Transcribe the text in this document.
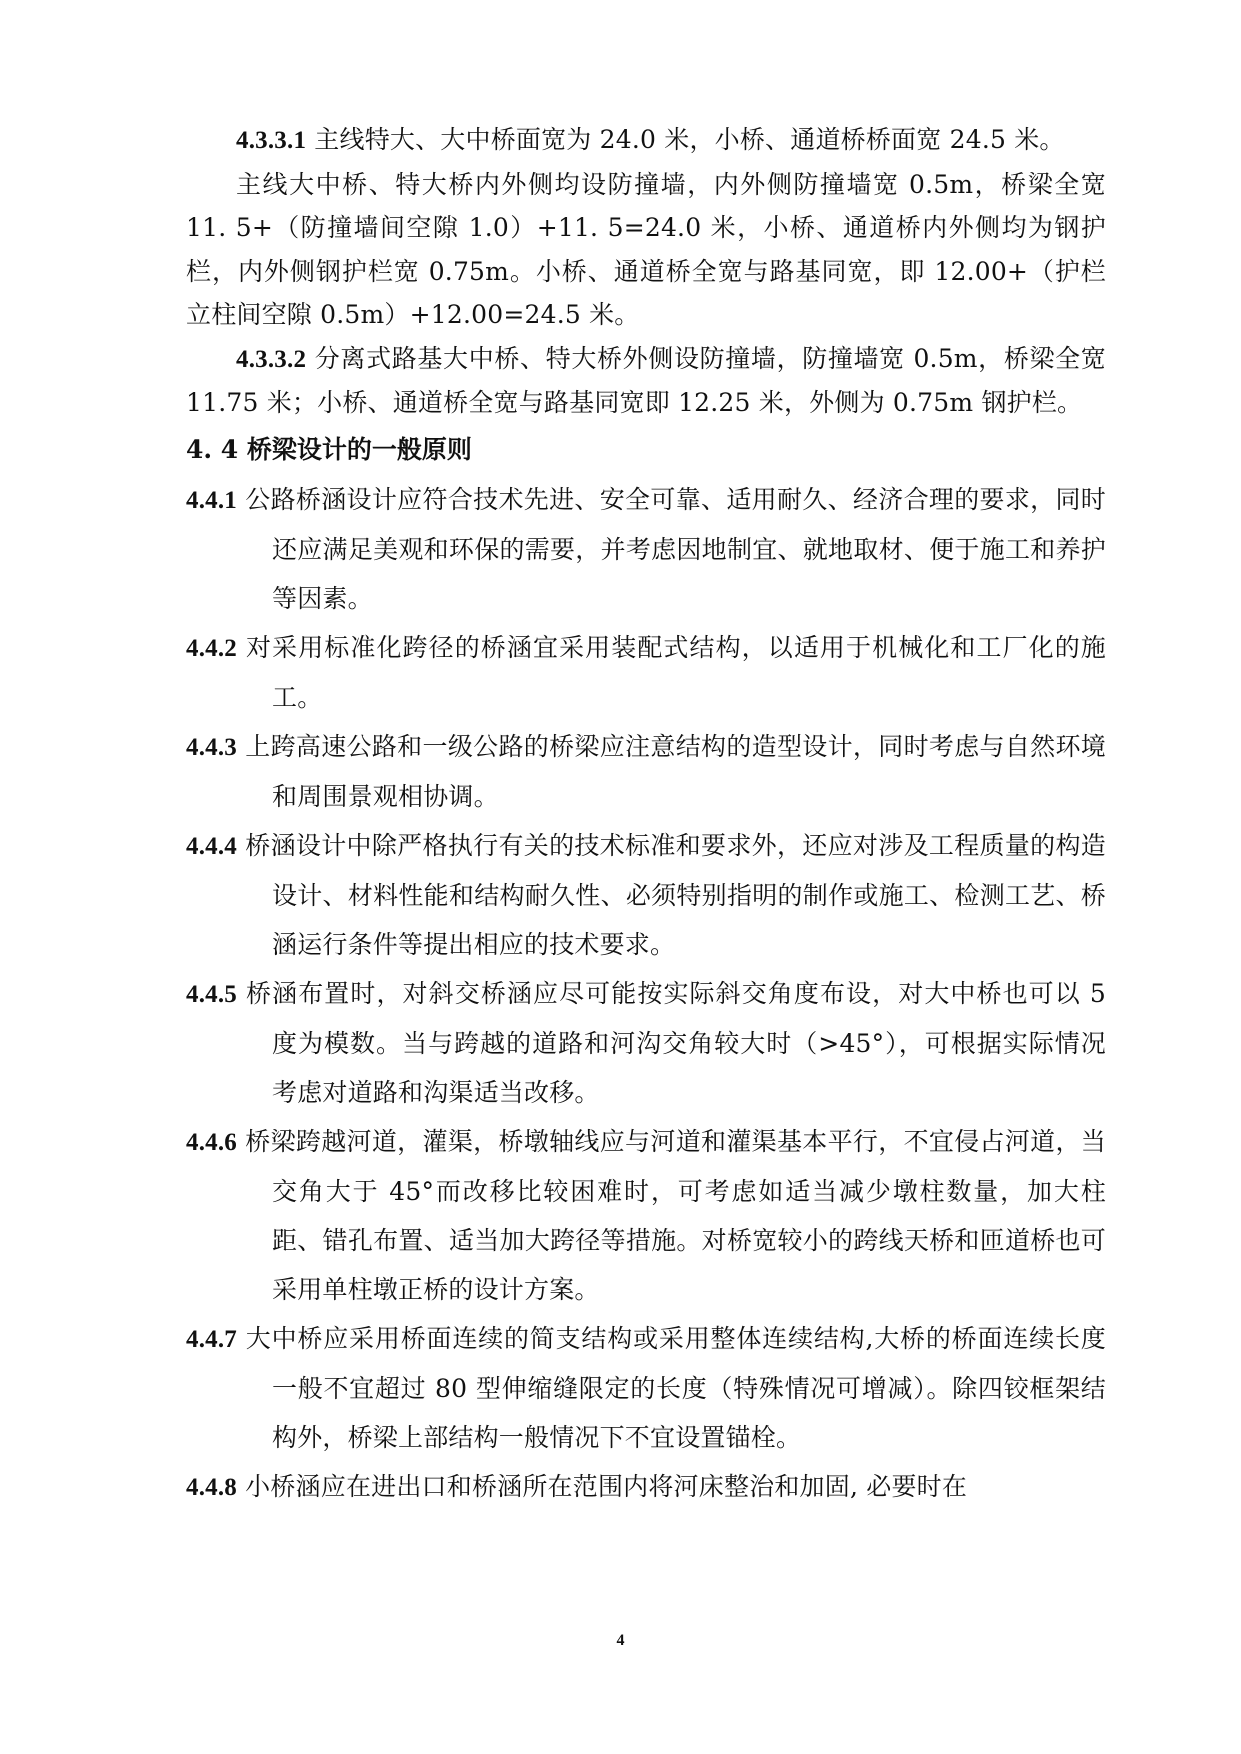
4.3.3.1 主线特大、大中桥面宽为 24.0 米，小桥、通道桥桥面宽 24.5 米。

主线大中桥、特大桥内外侧均设防撞墙，内外侧防撞墙宽 0.5m，桥梁全宽 11. 5+（防撞墙间空隙 1.0）+11. 5=24.0 米，小桥、通道桥内外侧均为钢护栏，内外侧钢护栏宽 0.75m。小桥、通道桥全宽与路基同宽，即 12.00+（护栏立柱间空隙 0.5m）+12.00=24.5 米。

4.3.3.2 分离式路基大中桥、特大桥外侧设防撞墙，防撞墙宽 0.5m，桥梁全宽 11.75 米；小桥、通道桥全宽与路基同宽即 12.25 米，外侧为 0.75m 钢护栏。

4. 4 桥梁设计的一般原则

4.4.1 公路桥涵设计应符合技术先进、安全可靠、适用耐久、经济合理的要求，同时还应满足美观和环保的需要，并考虑因地制宜、就地取材、便于施工和养护等因素。

4.4.2 对采用标准化跨径的桥涵宜采用装配式结构，以适用于机械化和工厂化的施工。

4.4.3 上跨高速公路和一级公路的桥梁应注意结构的造型设计，同时考虑与自然环境和周围景观相协调。

4.4.4 桥涵设计中除严格执行有关的技术标准和要求外，还应对涉及工程质量的构造设计、材料性能和结构耐久性、必须特别指明的制作或施工、检测工艺、桥涵运行条件等提出相应的技术要求。

4.4.5 桥涵布置时，对斜交桥涵应尽可能按实际斜交角度布设，对大中桥也可以 5 度为模数。当与跨越的道路和河沟交角较大时（>45°），可根据实际情况考虑对道路和沟渠适当改移。

4.4.6 桥梁跨越河道，灌渠，桥墩轴线应与河道和灌渠基本平行，不宜侵占河道，当交角大于 45°而改移比较困难时，可考虑如适当减少墩柱数量，加大柱距、错孔布置、适当加大跨径等措施。对桥宽较小的跨线天桥和匝道桥也可采用单柱墩正桥的设计方案。

4.4.7 大中桥应采用桥面连续的简支结构或采用整体连续结构,大桥的桥面连续长度一般不宜超过 80 型伸缩缝限定的长度（特殊情况可增减）。除四铰框架结构外，桥梁上部结构一般情况下不宜设置锚栓。

4.4.8 小桥涵应在进出口和桥涵所在范围内将河床整治和加固, 必要时在

4
